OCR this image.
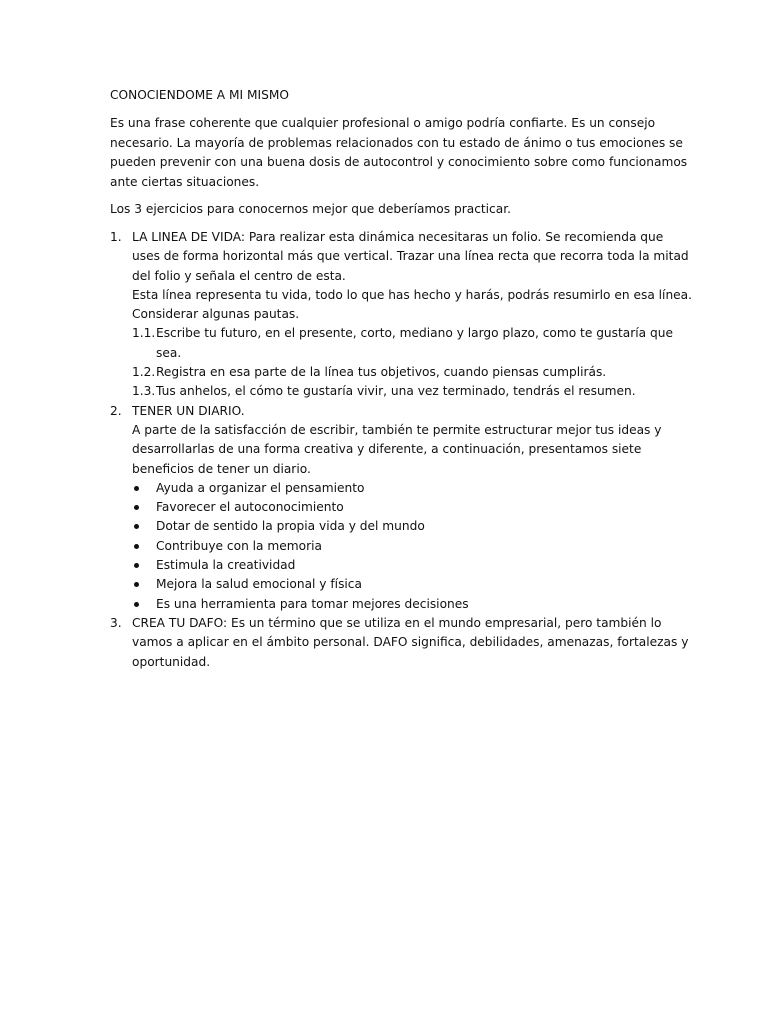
CONOCIENDOME A MI MISMO
Es una frase coherente que cualquier profesional o amigo podría confiarte. Es un consejo
necesario. La mayoría de problemas relacionados con tu estado de ánimo o tus emociones se
pueden prevenir con una buena dosis de autocontrol y conocimiento sobre como funcionamos
ante ciertas situaciones.
Los 3 ejercicios para conocernos mejor que deberíamos practicar.
1. LA LINEA DE VIDA: Para realizar esta dinámica necesitaras un folio. Se recomienda que
uses de forma horizontal más que vertical. Trazar una línea recta que recorra toda la mitad
del folio y señala el centro de esta.
Esta línea representa tu vida, todo lo que has hecho y harás, podrás resumirlo en esa línea.
Considerar algunas pautas.
1.1. Escribe tu futuro, en el presente, corto, mediano y largo plazo, como te gustaría que
sea.
1.2. Registra en esa parte de la línea tus objetivos, cuando piensas cumplirás.
1.3. Tus anhelos, el cómo te gustaría vivir, una vez terminado, tendrás el resumen.
2. TENER UN DIARIO.
A parte de la satisfacción de escribir, también te permite estructurar mejor tus ideas y
desarrollarlas de una forma creativa y diferente, a continuación, presentamos siete
beneficios de tener un diario.
Ayuda a organizar el pensamiento
Favorecer el autoconocimiento
Dotar de sentido la propia vida y del mundo
Contribuye con la memoria
Estimula la creatividad
Mejora la salud emocional y física
Es una herramienta para tomar mejores decisiones
3. CREA TU DAFO: Es un término que se utiliza en el mundo empresarial, pero también lo
vamos a aplicar en el ámbito personal. DAFO significa, debilidades, amenazas, fortalezas y
oportunidad.
